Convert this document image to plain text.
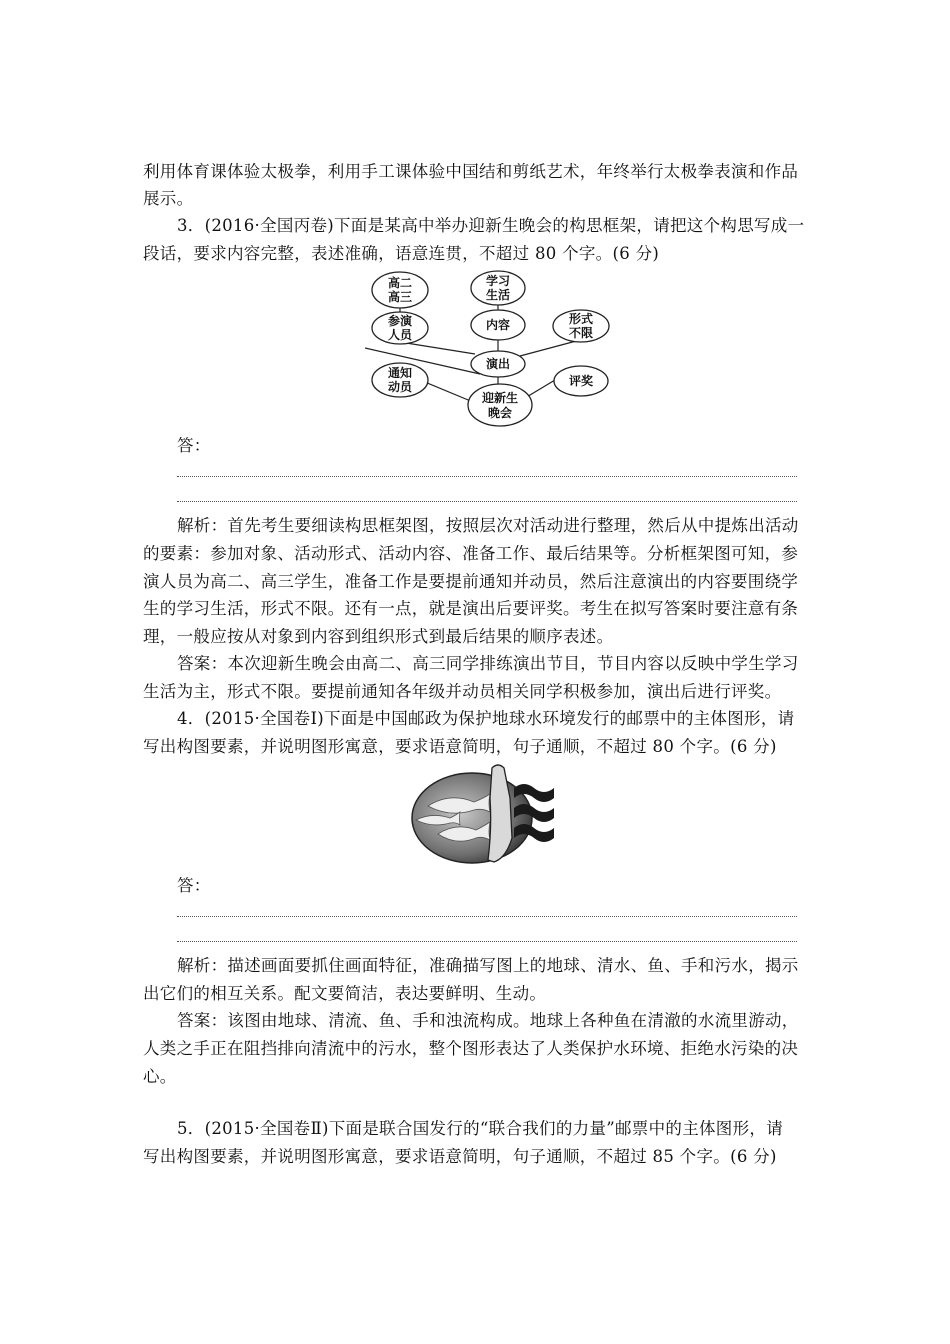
利用体育课体验太极拳，利用手工课体验中国结和剪纸艺术，年终举行太极拳表演和作品
展示。
3．(2016·全国丙卷)下面是某高中举办迎新生晚会的构思框架，请把这个构思写成一
段话，要求内容完整，表述准确，语意连贯，不超过 80 个字。(6 分)
高二
高三
学习
生活
参演
人员
内容	形式
不限
演出
通知
动员	评奖
迎新生
晚会
答：
解析：首先考生要细读构思框架图，按照层次对活动进行整理，然后从中提炼出活动
的要素：参加对象、活动形式、活动内容、准备工作、最后结果等。分析框架图可知，参
演人员为高二、高三学生，准备工作是要提前通知并动员，然后注意演出的内容要围绕学
生的学习生活，形式不限。还有一点，就是演出后要评奖。考生在拟写答案时要注意有条
理，一般应按从对象到内容到组织形式到最后结果的顺序表述。
答案：本次迎新生晚会由高二、高三同学排练演出节目，节目内容以反映中学生学习
生活为主，形式不限。要提前通知各年级并动员相关同学积极参加，演出后进行评奖。
4．(2015·全国卷Ⅰ)下面是中国邮政为保护地球水环境发行的邮票中的主体图形，请
写出构图要素，并说明图形寓意，要求语意简明，句子通顺，不超过 80 个字。(6 分)
答：
解析：描述画面要抓住画面特征，准确描写图上的地球、清水、鱼、手和污水，揭示
出它们的相互关系。配文要简洁，表达要鲜明、生动。
答案：该图由地球、清流、鱼、手和浊流构成。地球上各种鱼在清澈的水流里游动，
人类之手正在阻挡排向清流中的污水，整个图形表达了人类保护水环境、拒绝水污染的决
心。
5．(2015·全国卷Ⅱ)下面是联合国发行的“联合我们的力量”邮票中的主体图形，请
写出构图要素，并说明图形寓意，要求语意简明，句子通顺，不超过 85 个字。(6 分)
